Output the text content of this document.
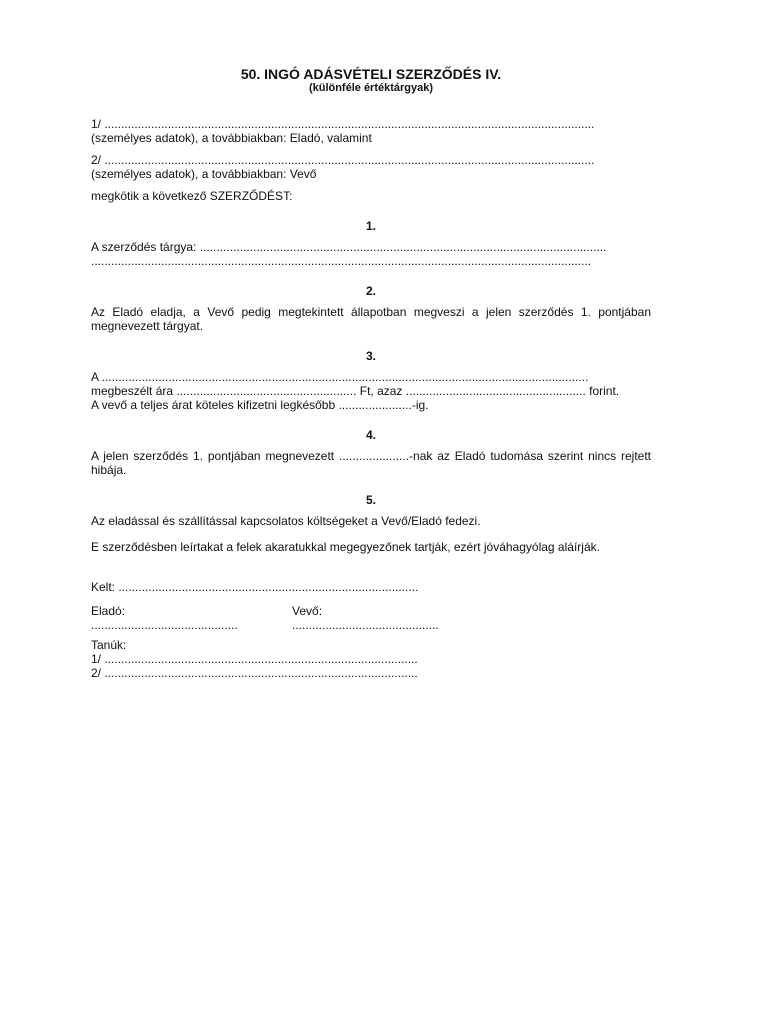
50. INGÓ ADÁSVÉTELI SZERZŐDÉS IV.
(különféle értéktárgyak)
1/ ...................................................................................................................................................
(személyes adatok), a továbbiakban: Eladó, valamint
2/ ...................................................................................................................................................
(személyes adatok), a továbbiakban: Vevő
megkötik a következő SZERZŐDÉST:
1.
A szerződés tárgya: ..........................................................................................................................
......................................................................................................................................................
2.
Az Eladó eladja, a Vevő pedig megtekintett állapotban megveszi a jelen szerződés 1. pontjában megnevezett tárgyat.
3.
A ..................................................................................................................................................
megbeszélt ára ...................................................... Ft, azaz ...................................................... forint.
A vevő a teljes árat köteles kifizetni legkésőbb ......................-ig.
4.
A jelen szerződés 1. pontjában megnevezett .....................-nak az Eladó tudomása szerint nincs rejtett hibája.
5.
Az eladással és szállítással kapcsolatos költségeket a Vevő/Eladó fedezi.
E szerződésben leírtakat a felek akaratukkal megegyezőnek tartják, ezért jóváhagyólag aláírják.
Kelt: ..........................................................................................
Eladó:	Vevő:
............................................	............................................
Tanúk:
1/ ..............................................................................................
2/ ..............................................................................................
